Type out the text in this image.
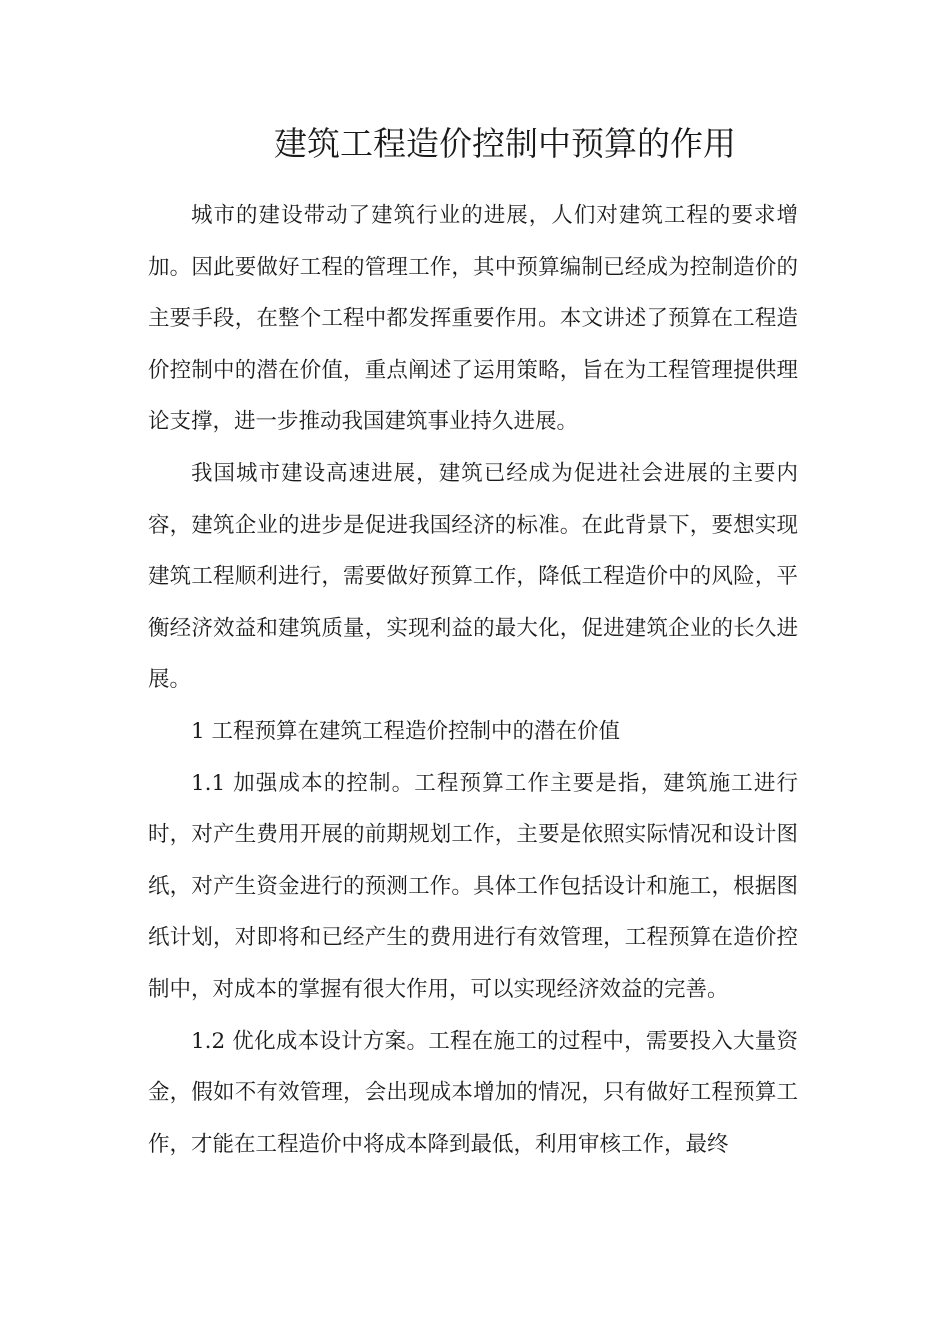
建筑工程造价控制中预算的作用

城市的建设带动了建筑行业的进展，人们对建筑工程的要求增加。因此要做好工程的管理工作，其中预算编制已经成为控制造价的主要手段，在整个工程中都发挥重要作用。本文讲述了预算在工程造价控制中的潜在价值，重点阐述了运用策略，旨在为工程管理提供理论支撑，进一步推动我国建筑事业持久进展。

我国城市建设高速进展，建筑已经成为促进社会进展的主要内容，建筑企业的进步是促进我国经济的标准。在此背景下，要想实现建筑工程顺利进行，需要做好预算工作，降低工程造价中的风险，平衡经济效益和建筑质量，实现利益的最大化，促进建筑企业的长久进展。

1 工程预算在建筑工程造价控制中的潜在价值

1.1 加强成本的控制。工程预算工作主要是指，建筑施工进行时，对产生费用开展的前期规划工作，主要是依照实际情况和设计图纸，对产生资金进行的预测工作。具体工作包括设计和施工，根据图纸计划，对即将和已经产生的费用进行有效管理，工程预算在造价控制中，对成本的掌握有很大作用，可以实现经济效益的完善。

1.2 优化成本设计方案。工程在施工的过程中，需要投入大量资金，假如不有效管理，会出现成本增加的情况，只有做好工程预算工作，才能在工程造价中将成本降到最低，利用审核工作，最终
